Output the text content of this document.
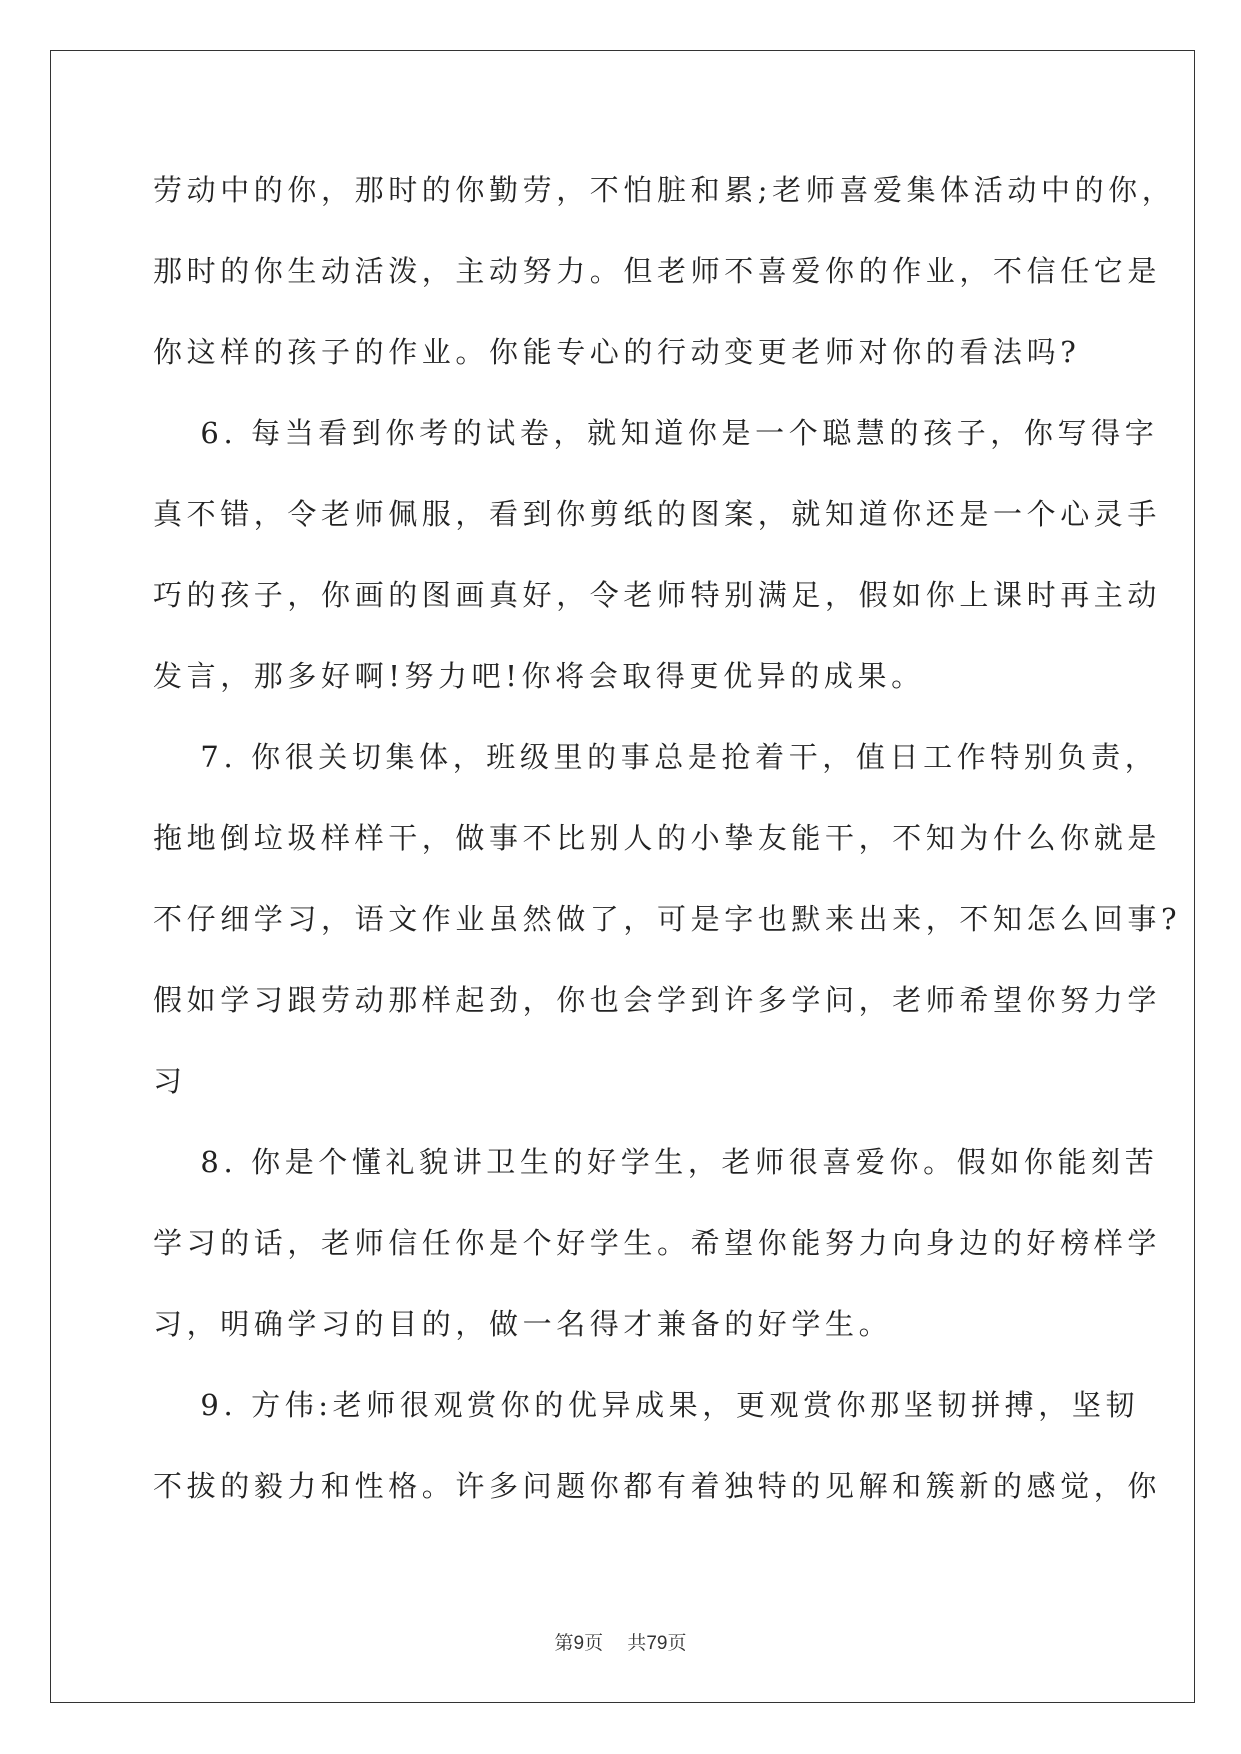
劳动中的你，那时的你勤劳，不怕脏和累;老师喜爱集体活动中的你，
那时的你生动活泼，主动努力。但老师不喜爱你的作业，不信任它是
你这样的孩子的作业。你能专心的行动变更老师对你的看法吗?
　 6. 每当看到你考的试卷，就知道你是一个聪慧的孩子，你写得字
真不错，令老师佩服，看到你剪纸的图案，就知道你还是一个心灵手
巧的孩子，你画的图画真好，令老师特别满足，假如你上课时再主动
发言，那多好啊!努力吧!你将会取得更优异的成果。
　 7. 你很关切集体，班级里的事总是抢着干，值日工作特别负责，
拖地倒垃圾样样干，做事不比别人的小挚友能干，不知为什么你就是
不仔细学习，语文作业虽然做了，可是字也默来出来，不知怎么回事?
假如学习跟劳动那样起劲，你也会学到许多学问，老师希望你努力学
习
　 8. 你是个懂礼貌讲卫生的好学生，老师很喜爱你。假如你能刻苦
学习的话，老师信任你是个好学生。希望你能努力向身边的好榜样学
习，明确学习的目的，做一名得才兼备的好学生。
　 9. 方伟:老师很观赏你的优异成果，更观赏你那坚韧拼搏，坚韧
不拔的毅力和性格。许多问题你都有着独特的见解和簇新的感觉，你
第9页 共79页
